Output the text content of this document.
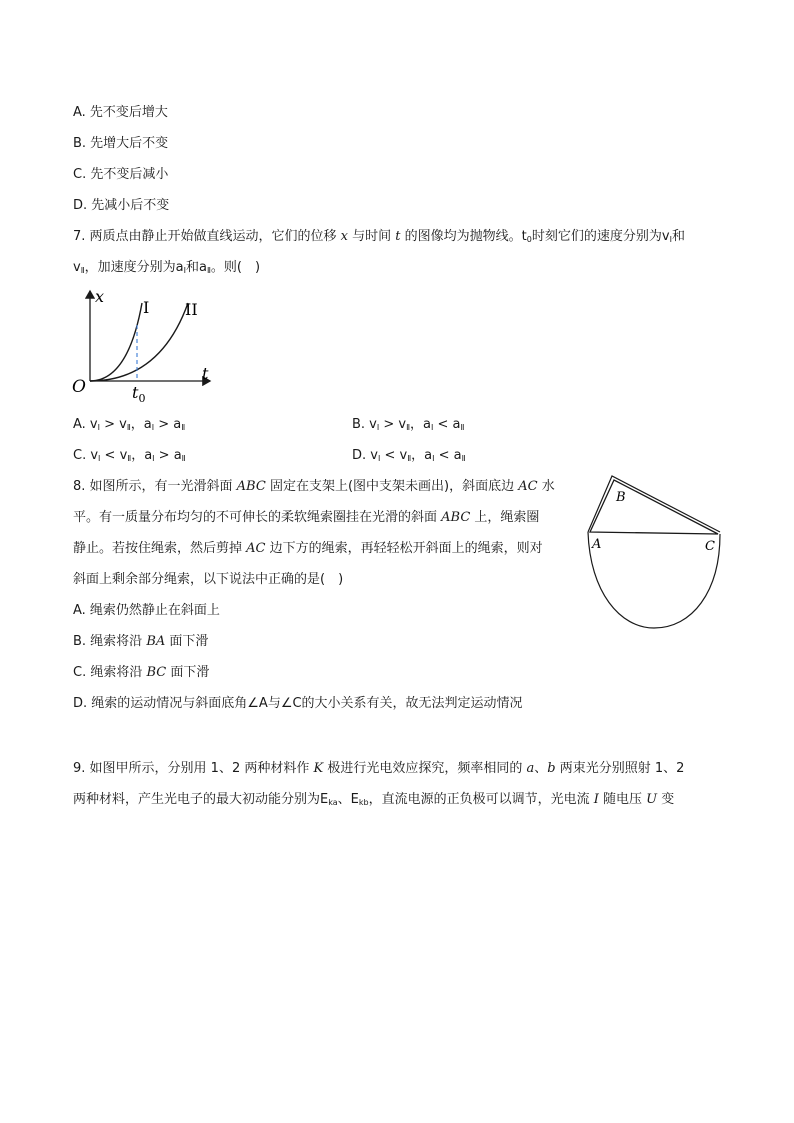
A. 先不变后增大
B. 先增大后不变
C. 先不变后减小
D. 先减小后不变
7. 两质点由静止开始做直线运动，它们的位移 x 与时间 t 的图像均为抛物线。$t_0$时刻它们的速度分别为$v_Ⅰ$和
$v_Ⅱ$，加速度分别为$a_Ⅰ$和$a_Ⅱ$。则(　)
x
t
O	$t_0$
I II
A. $v_Ⅰ > v_Ⅱ$，$a_Ⅰ > a_Ⅱ$	B. $v_Ⅰ > v_Ⅱ$，$a_Ⅰ < a_Ⅱ$
C. $v_Ⅰ < v_Ⅱ$，$a_Ⅰ > a_Ⅱ$	D. $v_Ⅰ < v_Ⅱ$，$a_Ⅰ < a_Ⅱ$
8. 如图所示，有一光滑斜面 ABC 固定在支架上(图中支架未画出)，斜面底边 AC 水
平。有一质量分布均匀的不可伸长的柔软绳索圈挂在光滑的斜面 ABC 上，绳索圈
静止。若按住绳索，然后剪掉 AC 边下方的绳索，再轻轻松开斜面上的绳索，则对
斜面上剩余部分绳索，以下说法中正确的是(　)
A. 绳索仍然静止在斜面上
B. 绳索将沿 BA 面下滑
C. 绳索将沿 BC 面下滑
D. 绳索的运动情况与斜面底角∠A与∠C的大小关系有关，故无法判定运动情况
A
B
C
9. 如图甲所示，分别用 1、2 两种材料作 K 极进行光电效应探究，频率相同的 a、b 两束光分别照射 1、2
两种材料，产生光电子的最大初动能分别为$E_{ka}$、$E_{kb}$，直流电源的正负极可以调节，光电流 I 随电压 U 变
